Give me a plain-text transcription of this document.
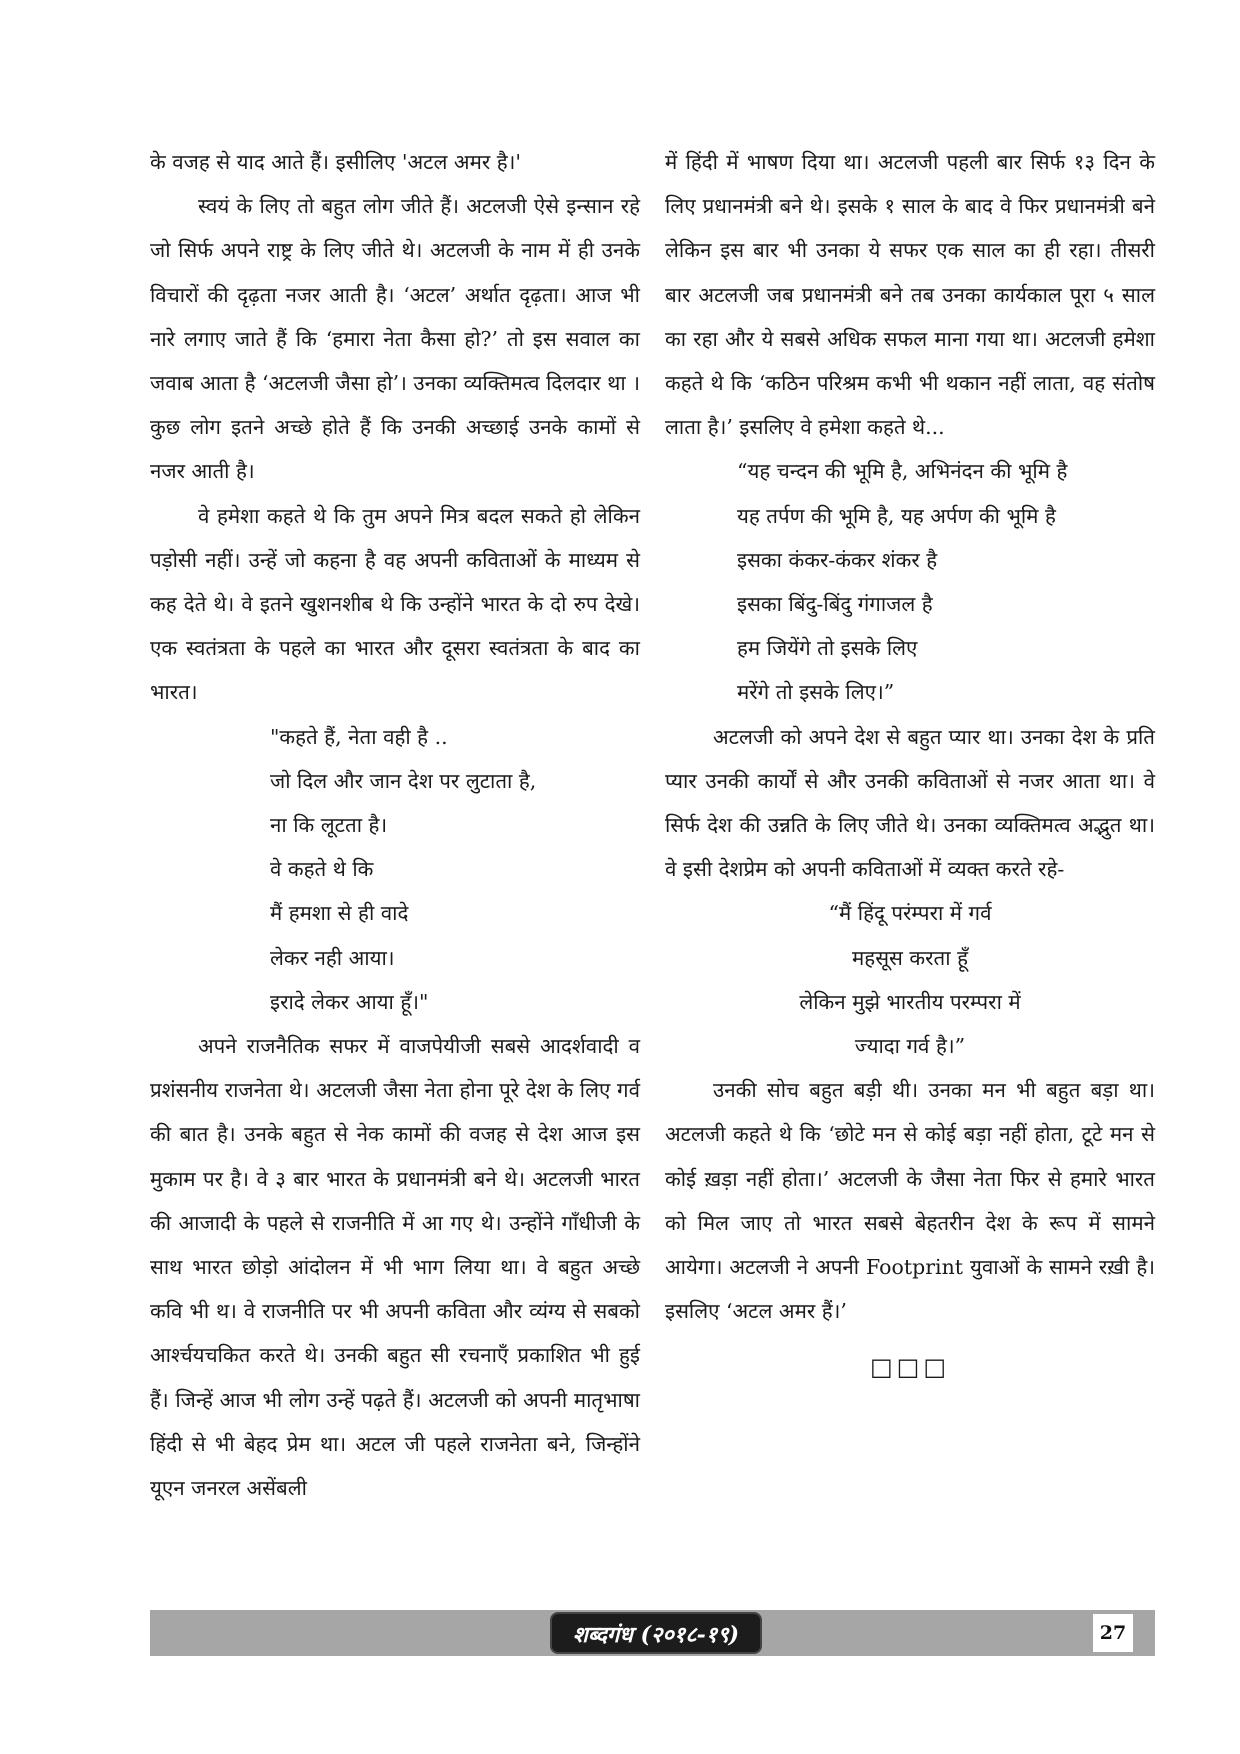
के वजह से याद आते हैं। इसीलिए 'अटल अमर है।'

स्वयं के लिए तो बहुत लोग जीते हैं। अटलजी ऐसे इन्सान रहे जो सिर्फ अपने राष्ट्र के लिए जीते थे। अटलजी के नाम में ही उनके विचारों की दृढ़ता नजर आती है। ‘अटल’ अर्थात दृढ़ता। आज भी नारे लगाए जाते हैं कि ‘हमारा नेता कैसा हो?’ तो इस सवाल का जवाब आता है ‘अटलजी जैसा हो’। उनका व्यक्तिमत्व दिलदार था । कुछ लोग इतने अच्छे होते हैं कि उनकी अच्छाई उनके कामों से नजर आती है।

वे हमेशा कहते थे कि तुम अपने मित्र बदल सकते हो लेकिन पड़ोसी नहीं। उन्हें जो कहना है वह अपनी कविताओं के माध्यम से कह देते थे। वे इतने खुशनशीब थे कि उन्होंने भारत के दो रुप देखे। एक स्वतंत्रता के पहले का भारत और दूसरा स्वतंत्रता के बाद का भारत।

"कहते हैं, नेता वही है ..
जो दिल और जान देश पर लुटाता है,
ना कि लूटता है।
वे कहते थे कि
मैं हमशा से ही वादे
लेकर नही आया।
इरादे लेकर आया हूँ।"

अपने राजनैतिक सफर में वाजपेयीजी सबसे आदर्शवादी व प्रशंसनीय राजनेता थे। अटलजी जैसा नेता होना पूरे देश के लिए गर्व की बात है। उनके बहुत से नेक कामों की वजह से देश आज इस मुकाम पर है। वे ३ बार भारत के प्रधानमंत्री बने थे। अटलजी भारत की आजादी के पहले से राजनीति में आ गए थे। उन्होंने गाँधीजी के साथ भारत छोड़ो आंदोलन में भी भाग लिया था। वे बहुत अच्छे कवि भी थ। वे राजनीति पर भी अपनी कविता और व्यंग्य से सबको आर्श्चयचकित करते थे। उनकी बहुत सी रचनाएँ प्रकाशित भी हुई हैं। जिन्हें आज भी लोग उन्हें पढ़ते हैं। अटलजी को अपनी मातृभाषा हिंदी से भी बेहद प्रेम था। अटल जी पहले राजनेता बने, जिन्होंने यूएन जनरल असेंबली

में हिंदी में भाषण दिया था। अटलजी पहली बार सिर्फ १३ दिन के लिए प्रधानमंत्री बने थे। इसके १ साल के बाद वे फिर प्रधानमंत्री बने लेकिन इस बार भी उनका ये सफर एक साल का ही रहा। तीसरी बार अटलजी जब प्रधानमंत्री बने तब उनका कार्यकाल पूरा ५ साल का रहा और ये सबसे अधिक सफल माना गया था। अटलजी हमेशा कहते थे कि ‘कठिन परिश्रम कभी भी थकान नहीं लाता, वह संतोष लाता है।’ इसलिए वे हमेशा कहते थे...

“यह चन्दन की भूमि है, अभिनंदन की भूमि है
यह तर्पण की भूमि है, यह अर्पण की भूमि है
इसका कंकर-कंकर शंकर है
इसका बिंदु-बिंदु गंगाजल है
हम जियेंगे तो इसके लिए
मरेंगे तो इसके लिए।”

अटलजी को अपने देश से बहुत प्यार था। उनका देश के प्रति प्यार उनकी कार्यों से और उनकी कविताओं से नजर आता था। वे सिर्फ देश की उन्नति के लिए जीते थे। उनका व्यक्तिमत्व अद्भुत था। वे इसी देशप्रेम को अपनी कविताओं में व्यक्त करते रहे-

“मैं हिंदू परंम्परा में गर्व
महसूस करता हूँ
लेकिन मुझे भारतीय परम्परा में
ज्यादा गर्व है।”

उनकी सोच बहुत बड़ी थी। उनका मन भी बहुत बड़ा था। अटलजी कहते थे कि ‘छोटे मन से कोई बड़ा नहीं होता, टूटे मन से कोई ख़ड़ा नहीं होता।’ अटलजी के जैसा नेता फिर से हमारे भारत को मिल जाए तो भारत सबसे बेहतरीन देश के रूप में सामने आयेगा। अटलजी ने अपनी Footprint युवाओं के सामने रख़ी है। इसलिए ‘अटल अमर हैं।’

□□□
शब्दगंध (२०१८-१९)	27
